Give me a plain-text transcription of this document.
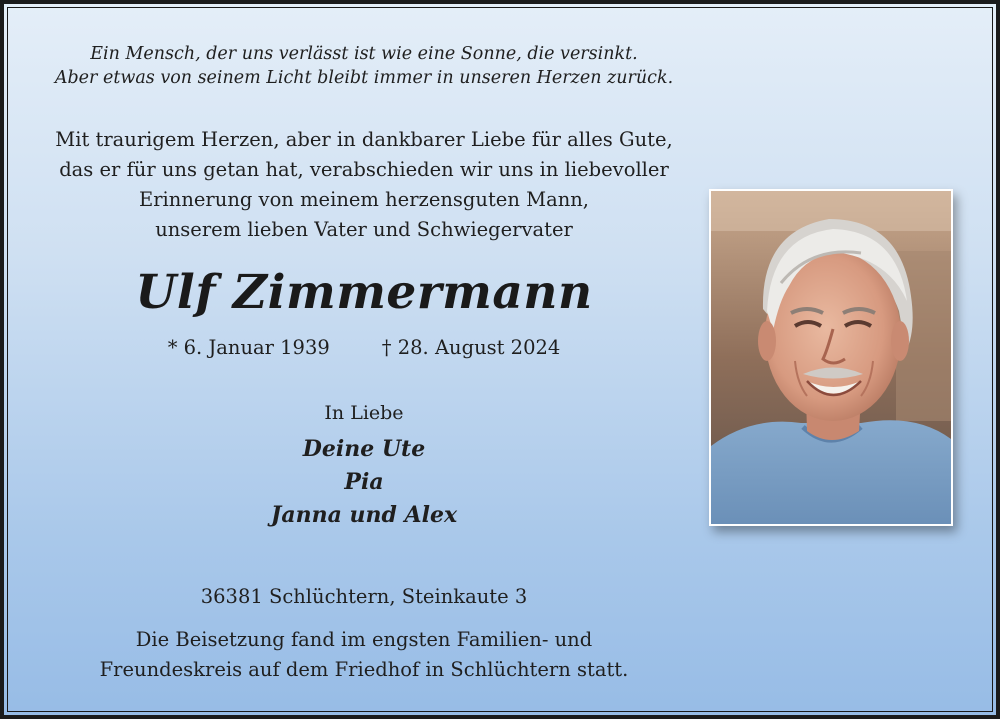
Ein Mensch, der uns verlässt ist wie eine Sonne, die versinkt.
Aber etwas von seinem Licht bleibt immer in unseren Herzen zurück.
Mit traurigem Herzen, aber in dankbarer Liebe für alles Gute,
das er für uns getan hat, verabschieden wir uns in liebevoller
Erinnerung von meinem herzensguten Mann,
unserem lieben Vater und Schwiegervater
Ulf Zimmermann
* 6. Januar 1939	† 28. August 2024
In Liebe
Deine Ute
Pia
Janna und Alex
36381 Schlüchtern, Steinkaute 3
Die Beisetzung fand im engsten Familien- und
Freundeskreis auf dem Friedhof in Schlüchtern statt.
